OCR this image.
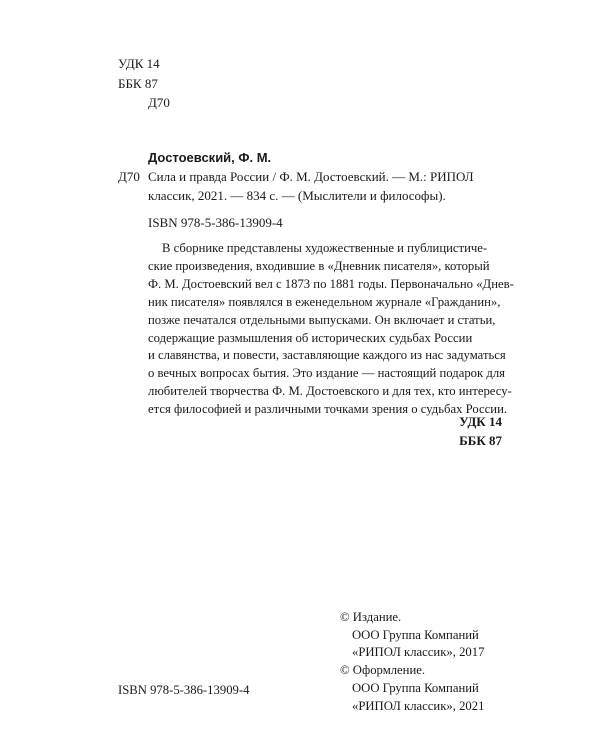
УДК 14
ББК 87
Д70
Достоевский, Ф. М.
Д70 Сила и правда России / Ф. М. Достоевский. — М.: РИПОЛ
классик, 2021. — 834 с. — (Мыслители и философы).
ISBN 978-5-386-13909-4
В сборнике представлены художественные и публицистиче-
ские произведения, входившие в «Дневник писателя», который
Ф. М. Достоевский вел с 1873 по 1881 годы. Первоначально «Днев-
ник писателя» появлялся в еженедельном журнале «Гражданин»,
позже печатался отдельными выпусками. Он включает и статьи,
содержащие размышления об исторических судьбах России
и славянства, и повести, заставляющие каждого из нас задуматься
о вечных вопросах бытия. Это издание — настоящий подарок для
любителей творчества Ф. М. Достоевского и для тех, кто интересу-
ется философией и различными точками зрения о судьбах России.
УДК 14
ББК 87
© Издание.
ООО Группа Компаний
«РИПОЛ классик», 2017
© Оформление.
ООО Группа Компаний
«РИПОЛ классик», 2021
ISBN 978-5-386-13909-4
